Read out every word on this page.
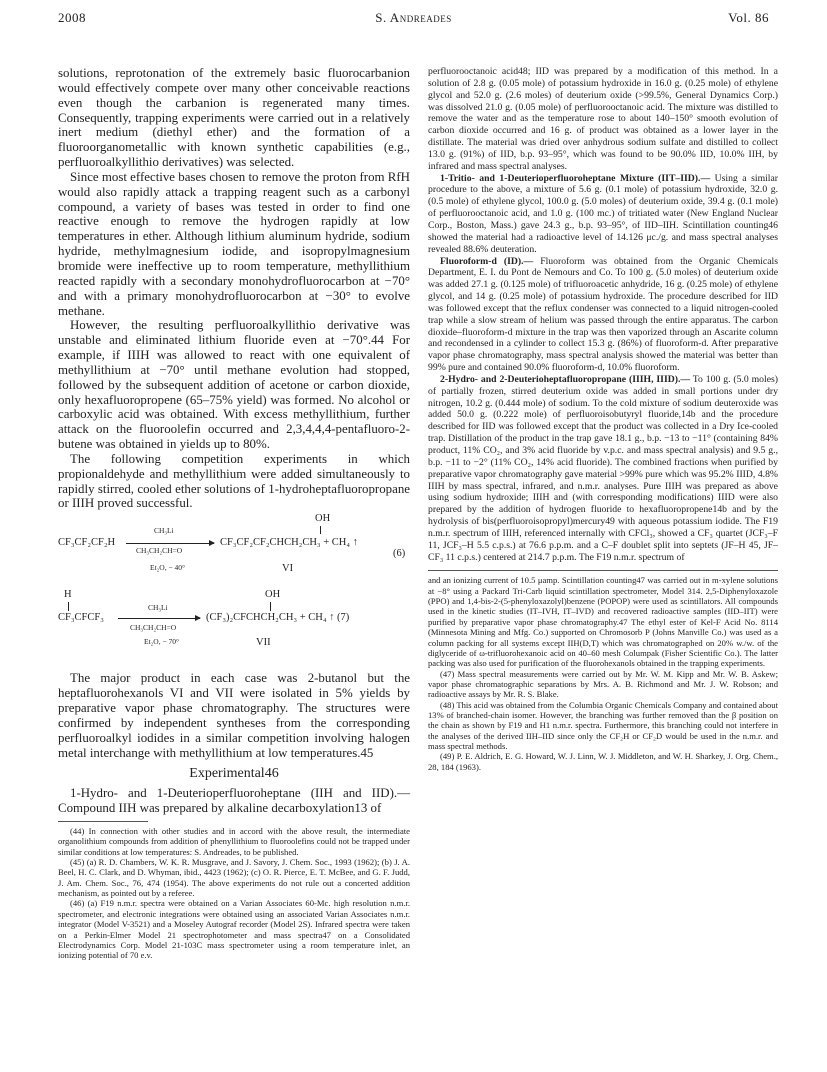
2008	S. Andreades	Vol. 86

solutions, reprotonation of the extremely basic fluorocarbanion would effectively compete over many other conceivable reactions even though the carbanion is regenerated many times. Consequently, trapping experiments were carried out in a relatively inert medium (diethyl ether) and the formation of a fluoroorganometallic with known synthetic capabilities (e.g., perfluoroalkyllithio derivatives) was selected.

Since most effective bases chosen to remove the proton from RfH would also rapidly attack a trapping reagent such as a carbonyl compound, a variety of bases was tested in order to find one reactive enough to remove the hydrogen rapidly at low temperatures in ether. Although lithium aluminum hydride, sodium hydride, methylmagnesium iodide, and isopropylmagnesium bromide were ineffective up to room temperature, methyllithium reacted rapidly with a secondary monohydrofluorocarbon at −70° and with a primary monohydrofluorocarbon at −30° to evolve methane.

However, the resulting perfluoroalkyllithio derivative was unstable and eliminated lithium fluoride even at −70°.44 For example, if IIIH was allowed to react with one equivalent of methyllithium at −70° until methane evolution had stopped, followed by the subsequent addition of acetone or carbon dioxide, only hexafluoropropene (65–75% yield) was formed. No alcohol or carboxylic acid was obtained. With excess methyllithium, further attack on the fluoroolefin occurred and 2,3,4,4,4-pentafluoro-2-butene was obtained in yields up to 80%.

The following competition experiments in which propionaldehyde and methyllithium were added simultaneously to rapidly stirred, cooled ether solutions of 1-hydroheptafluoropropane or IIIH proved successful.

OH
CH₃Li
CF₃CF₂CF₂H	CF₃CF₂CF₂CHCH₂CH₃ + CH₄ ↑
CH₃CH₂CH=O	(6)
Et₂O, − 40°	VI
H	OH
CH₃Li
CF₃CFCF₃	(CF₃)₂CFCHCH₂CH₃ + CH₄ ↑ (7)
CH₃CH₂CH=O
Et₂O, − 70°	VII

The major product in each case was 2-butanol but the heptafluorohexanols VI and VII were isolated in 5% yields by preparative vapor phase chromatography. The structures were confirmed by independent syntheses from the corresponding perfluoroalkyl iodides in a similar competition involving halogen metal interchange with methyllithium at low temperatures.45

Experimental46

1-Hydro- and 1-Deuterioperfluoroheptane (IIH and IID).— Compound IIH was prepared by alkaline decarboxylation13 of

(44) In connection with other studies and in accord with the above result, the intermediate organolithium compounds from addition of phenyllithium to fluoroolefins could not be trapped under similar conditions at low temperatures: S. Andreades, to be published.

(45) (a) R. D. Chambers, W. K. R. Musgrave, and J. Savory, J. Chem. Soc., 1993 (1962); (b) J. A. Beel, H. C. Clark, and D. Whyman, ibid., 4423 (1962); (c) O. R. Pierce, E. T. McBee, and G. F. Judd, J. Am. Chem. Soc., 76, 474 (1954). The above experiments do not rule out a concerted addition mechanism, as pointed out by a referee.

(46) (a) F19 n.m.r. spectra were obtained on a Varian Associates 60-Mc. high resolution n.m.r. spectrometer, and electronic integrations were obtained using an associated Varian Associates n.m.r. integrator (Model V-3521) and a Moseley Autograf recorder (Model 2S). Infrared spectra were taken on a Perkin-Elmer Model 21 spectrophotometer and mass spectra47 on a Consolidated Electrodynamics Corp. Model 21-103C mass spectrometer using a room temperature inlet, an ionizing potential of 70 e.v.

perfluorooctanoic acid48; IID was prepared by a modification of this method. In a solution of 2.8 g. (0.05 mole) of potassium hydroxide in 16.0 g. (0.25 mole) of ethylene glycol and 52.0 g. (2.6 moles) of deuterium oxide (>99.5%, General Dynamics Corp.) was dissolved 21.0 g. (0.05 mole) of perfluorooctanoic acid. The mixture was distilled to remove the water and as the temperature rose to about 140–150° smooth evolution of carbon dioxide occurred and 16 g. of product was obtained as a lower layer in the distillate. The material was dried over anhydrous sodium sulfate and distilled to collect 13.0 g. (91%) of IID, b.p. 93–95°, which was found to be 90.0% IID, 10.0% IIH, by infrared and mass spectral analyses.

1-Tritio- and 1-Deuterioperfluoroheptane Mixture (IIT–IID).— Using a similar procedure to the above, a mixture of 5.6 g. (0.1 mole) of potassium hydroxide, 32.0 g. (0.5 mole) of ethylene glycol, 100.0 g. (5.0 moles) of deuterium oxide, 39.4 g. (0.1 mole) of perfluorooctanoic acid, and 1.0 g. (100 mc.) of tritiated water (New England Nuclear Corp., Boston, Mass.) gave 24.3 g., b.p. 93–95°, of IID–IIH. Scintillation counting46 showed the material had a radioactive level of 14.126 μc./g. and mass spectral analyses revealed 88.6% deuteration.

Fluoroform-d (ID).— Fluoroform was obtained from the Organic Chemicals Department, E. I. du Pont de Nemours and Co. To 100 g. (5.0 moles) of deuterium oxide was added 27.1 g. (0.125 mole) of trifluoroacetic anhydride, 16 g. (0.25 mole) of ethylene glycol, and 14 g. (0.25 mole) of potassium hydroxide. The procedure described for IID was followed except that the reflux condenser was connected to a liquid nitrogen-cooled trap while a slow stream of helium was passed through the entire apparatus. The carbon dioxide–fluoroform-d mixture in the trap was then vaporized through an Ascarite column and recondensed in a cylinder to collect 15.3 g. (86%) of fluoroform-d. After preparative vapor phase chromatography, mass spectral analysis showed the material was better than 99% pure and contained 90.0% fluoroform-d, 10.0% fluoroform.

2-Hydro- and 2-Deuterioheptafluoropropane (IIIH, IIID).— To 100 g. (5.0 moles) of partially frozen, stirred deuterium oxide was added in small portions under dry nitrogen, 10.2 g. (0.444 mole) of sodium. To the cold mixture of sodium deuteroxide was added 50.0 g. (0.222 mole) of perfluoroisobutyryl fluoride,14b and the procedure described for IID was followed except that the product was collected in a Dry Ice-cooled trap. Distillation of the product in the trap gave 18.1 g., b.p. −13 to −11° (containing 84% product, 11% CO₂, and 3% acid fluoride by v.p.c. and mass spectral analysis) and 9.5 g., b.p. −11 to −2° (11% CO₂, 14% acid fluoride). The combined fractions when purified by preparative vapor chromatography gave material >99% pure which was 95.2% IIID, 4.8% IIIH by mass spectral, infrared, and n.m.r. analyses. Pure IIIH was prepared as above using sodium hydroxide; IIIH and (with corresponding modifications) IIID were also prepared by the addition of hydrogen fluoride to hexafluoropropene14b and by the hydrolysis of bis(perfluoroisopropyl)mercury49 with aqueous potassium iodide. The F19 n.m.r. spectrum of IIIH, referenced internally with CFCl₃, showed a CF₃ quartet (JCF₃–F 11, JCF₃–H 5.5 c.p.s.) at 76.6 p.p.m. and a C–F doublet split into septets (JF–H 45, JF–CF₃ 11 c.p.s.) centered at 214.7 p.p.m. The F19 n.m.r. spectrum of

and an ionizing current of 10.5 μamp. Scintillation counting47 was carried out in m-xylene solutions at −8° using a Packard Tri-Carb liquid scintillation spectrometer, Model 314. 2,5-Diphenyloxazole (PPO) and 1,4-bis-2-(5-phenyloxazolyl)benzene (POPOP) were used as scintillators. All compounds used in the kinetic studies (IT–IVH, IT–IVD) and recovered radioactive samples (IID–IIT) were purified by preparative vapor phase chromatography.47 The ethyl ester of Kel-F Acid No. 8114 (Minnesota Mining and Mfg. Co.) supported on Chromosorb P (Johns Manville Co.) was used as a column packing for all systems except IIH(D,T) which was chromatographed on 20% w./w. of the diglyceride of ω-trifluorohexanoic acid on 40–60 mesh Columpak (Fisher Scientific Co.). The latter packing was also used for purification of the fluorohexanols obtained in the trapping experiments.

(47) Mass spectral measurements were carried out by Mr. W. M. Kipp and Mr. W. B. Askew; vapor phase chromatographic separations by Mrs. A. B. Richmond and Mr. J. W. Robson; and radioactive assays by Mr. R. S. Blake.

(48) This acid was obtained from the Columbia Organic Chemicals Company and contained about 13% of branched-chain isomer. However, the branching was further removed than the β position on the chain as shown by F19 and H1 n.m.r. spectra. Furthermore, this branching could not interfere in the analyses of the derived IIH–IID since only the CF₂H or CF₂D would be used in the n.m.r. and mass spectral methods.

(49) P. E. Aldrich, E. G. Howard, W. J. Linn, W. J. Middleton, and W. H. Sharkey, J. Org. Chem., 28, 184 (1963).
